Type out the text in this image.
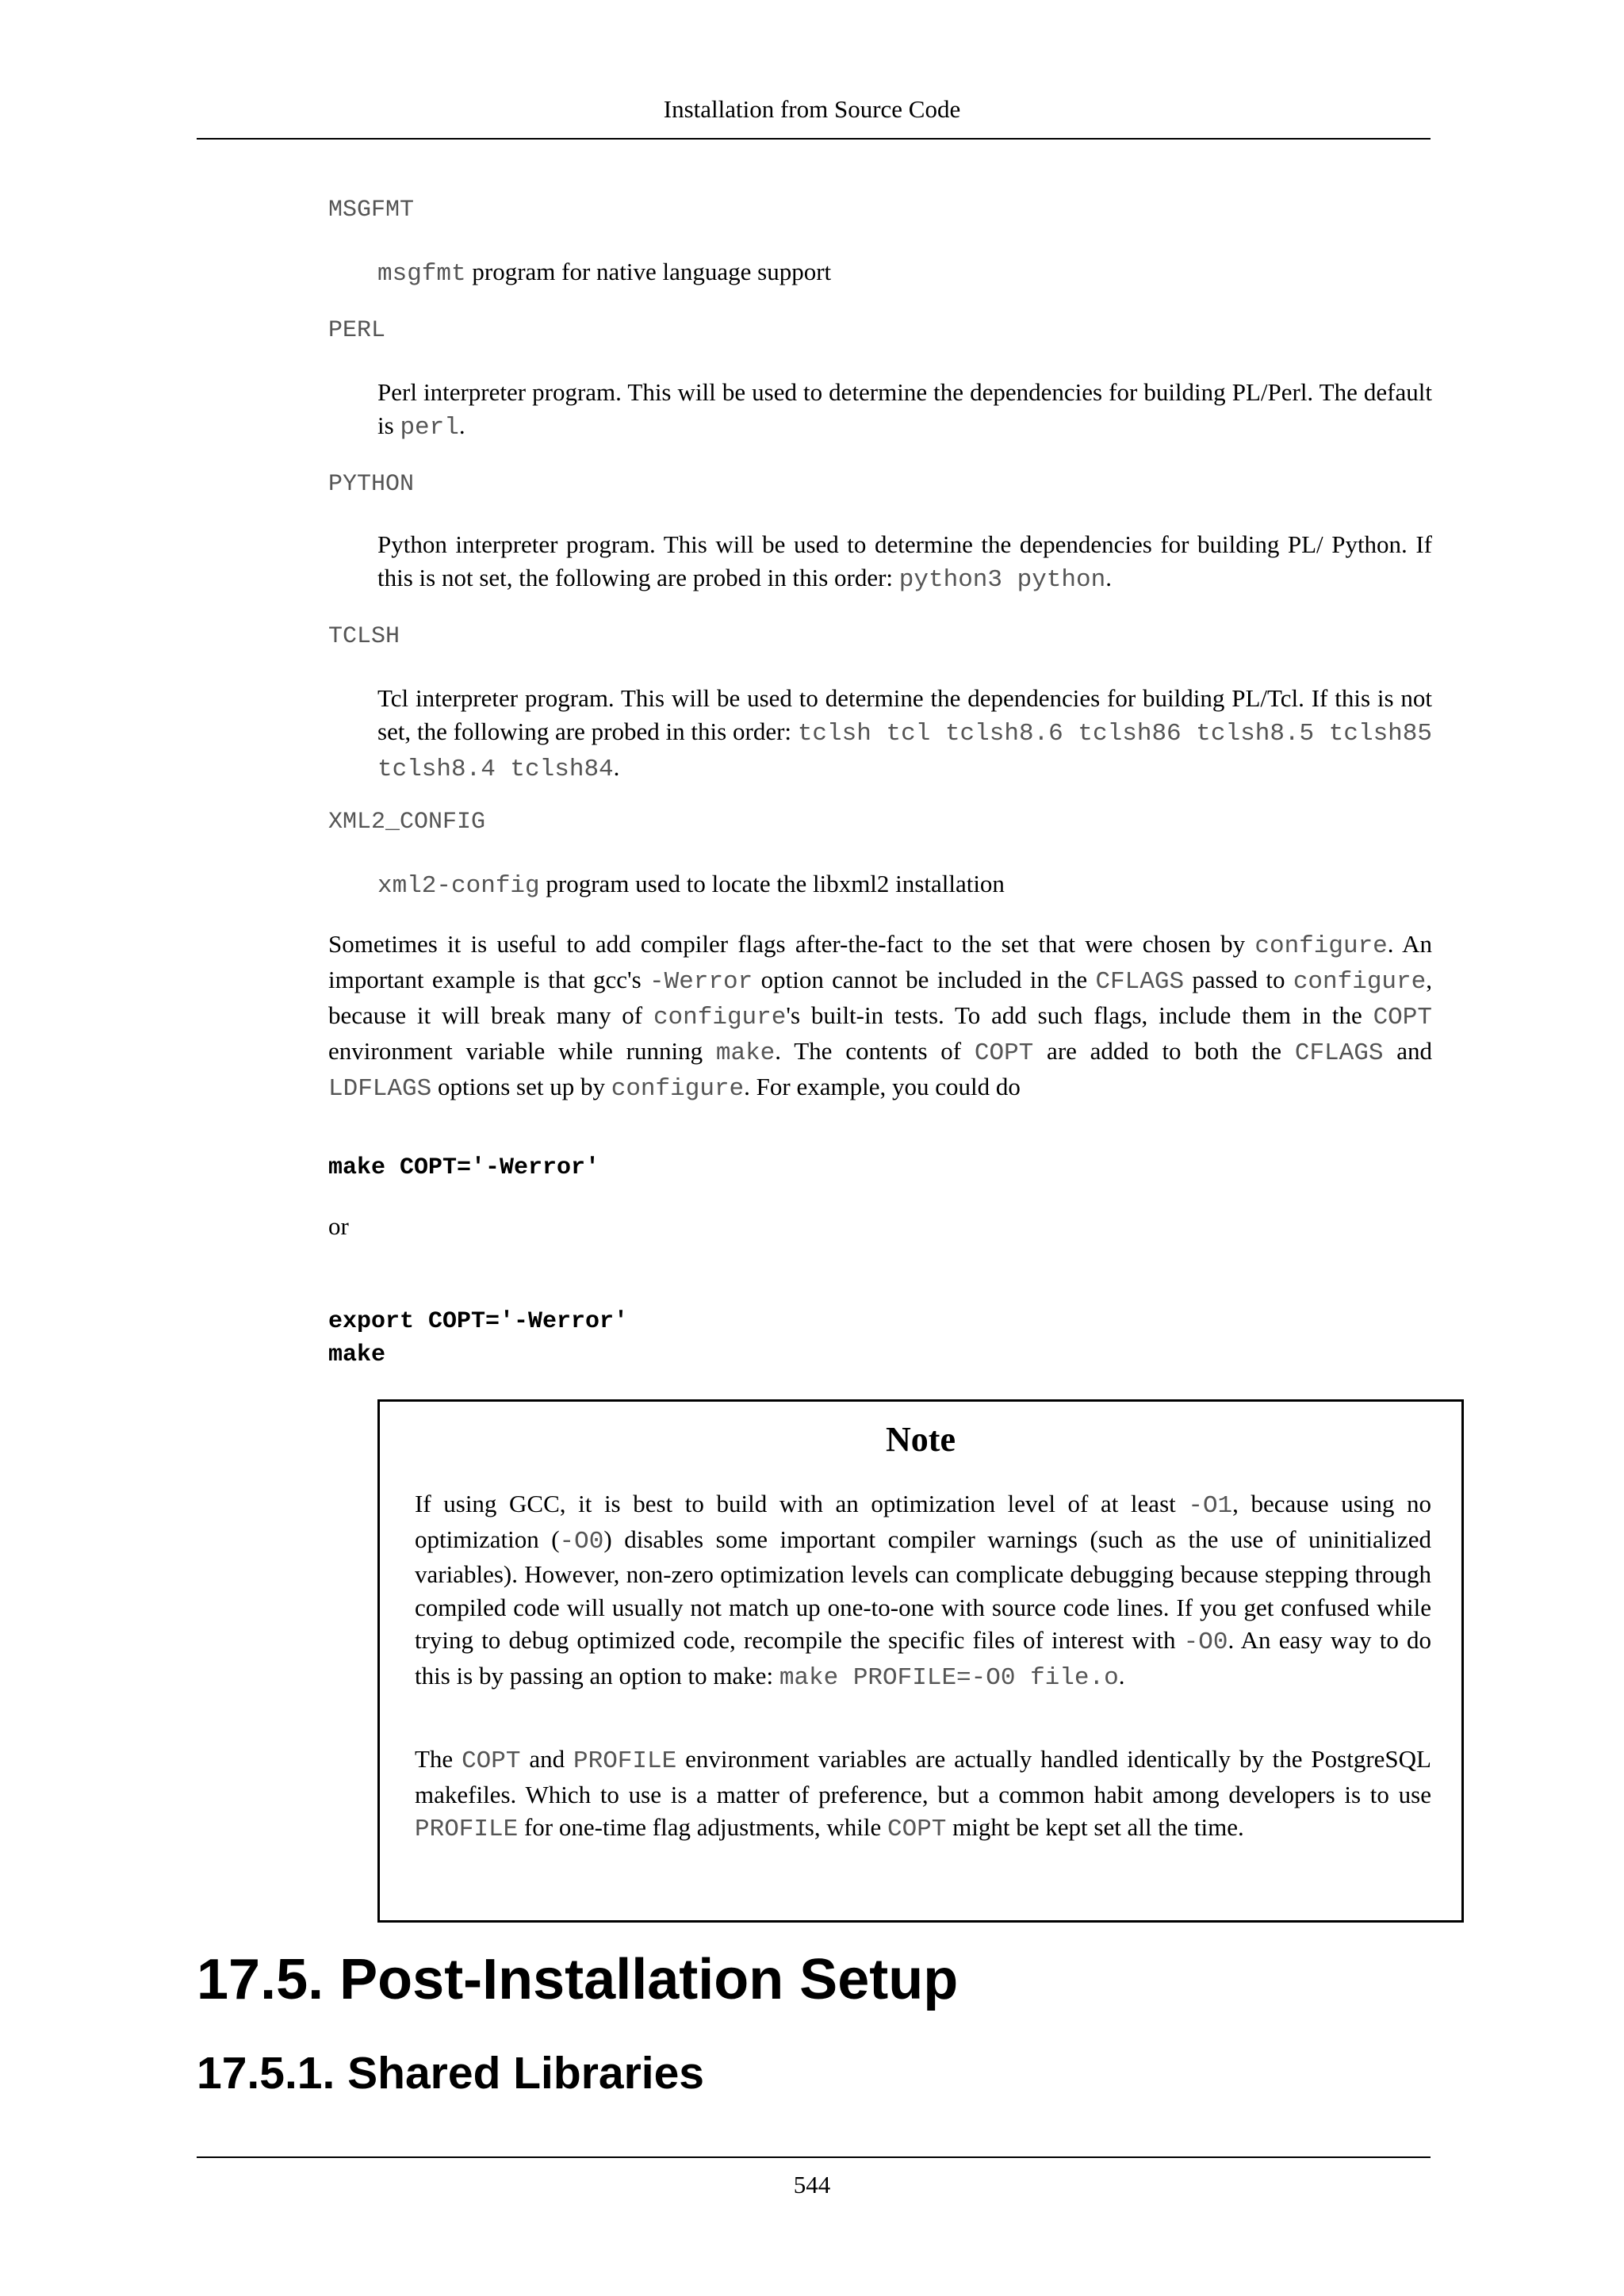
Installation from Source Code
MSGFMT
msgfmt program for native language support
PERL
Perl interpreter program. This will be used to determine the dependencies for building PL/Perl. The default is perl.
PYTHON
Python interpreter program. This will be used to determine the dependencies for building PL/ Python. If this is not set, the following are probed in this order: python3 python.
TCLSH
Tcl interpreter program. This will be used to determine the dependencies for building PL/Tcl. If this is not set, the following are probed in this order: tclsh tcl tclsh8.6 tclsh86 tclsh8.5 tclsh85 tclsh8.4 tclsh84.
XML2_CONFIG
xml2-config program used to locate the libxml2 installation
Sometimes it is useful to add compiler flags after-the-fact to the set that were chosen by configure. An important example is that gcc's -Werror option cannot be included in the CFLAGS passed to configure, because it will break many of configure's built-in tests. To add such flags, include them in the COPT environment variable while running make. The contents of COPT are added to both the CFLAGS and LDFLAGS options set up by configure. For example, you could do
make COPT='-Werror'
or
export COPT='-Werror'
make
Note
If using GCC, it is best to build with an optimization level of at least -O1, because using no optimization (-O0) disables some important compiler warnings (such as the use of uninitialized variables). However, non-zero optimization levels can complicate debugging because stepping through compiled code will usually not match up one-to-one with source code lines. If you get confused while trying to debug optimized code, recompile the specific files of interest with -O0. An easy way to do this is by passing an option to make: make PROFILE=-O0 file.o.
The COPT and PROFILE environment variables are actually handled identically by the PostgreSQL makefiles. Which to use is a matter of preference, but a common habit among developers is to use PROFILE for one-time flag adjustments, while COPT might be kept set all the time.
17.5. Post-Installation Setup
17.5.1. Shared Libraries
544
